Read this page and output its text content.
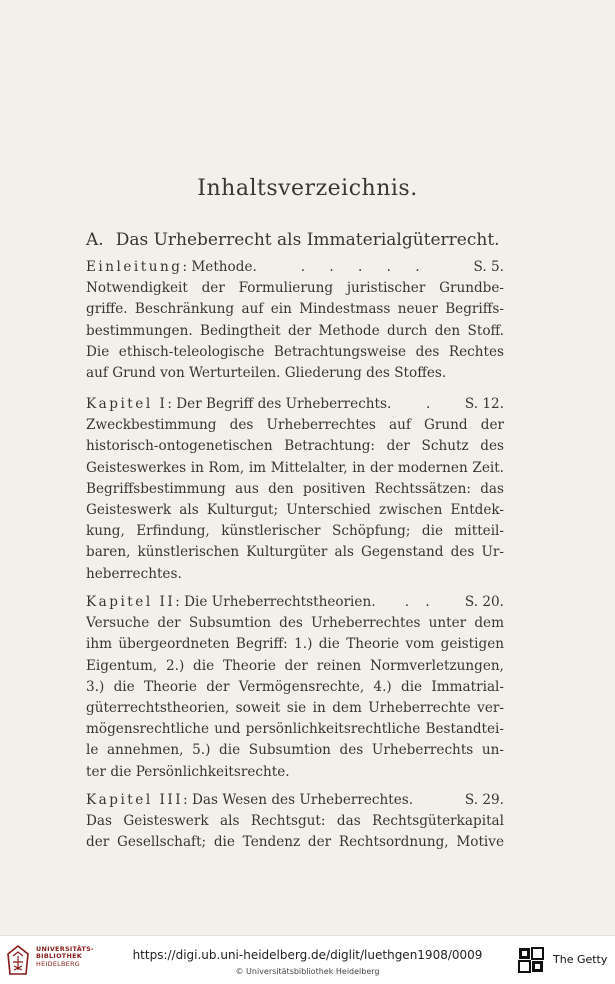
Inhaltsverzeichnis.
A. Das Urheberrecht als Immaterialgüterrecht.
Einleitung: Methode.	. . . . .	S. 5.
Notwendigkeit der Formulierung juristischer Grundbe-
griffe. Beschränkung auf ein Mindestmass neuer Begriffs-
bestimmungen. Bedingtheit der Methode durch den Stoff.
Die ethisch-teleologische Betrachtungsweise des Rechtes
auf Grund von Werturteilen. Gliederung des Stoffes.
Kapitel I: Der Begriff des Urheberrechts.	.	S. 12.
Zweckbestimmung des Urheberrechtes auf Grund der
historisch-ontogenetischen Betrachtung: der Schutz des
Geisteswerkes in Rom, im Mittelalter, in der modernen Zeit.
Begriffsbestimmung aus den positiven Rechtssätzen: das
Geisteswerk als Kulturgut; Unterschied zwischen Entdek-
kung, Erfindung, künstlerischer Schöpfung; die mitteil-
baren, künstlerischen Kulturgüter als Gegenstand des Ur-
heberrechtes.
Kapitel II: Die Urheberrechtstheorien. . . S. 20.
Versuche der Subsumtion des Urheberrechtes unter dem
ihm übergeordneten Begriff: 1.) die Theorie vom geistigen
Eigentum, 2.) die Theorie der reinen Normverletzungen,
3.) die Theorie der Vermögensrechte, 4.) die Immatrial-
güterrechtstheorien, soweit sie in dem Urheberrechte ver-
mögensrechtliche und persönlichkeitsrechtliche Bestandtei-
le annehmen, 5.) die Subsumtion des Urheberrechts un-
ter die Persönlichkeitsrechte.
Kapitel III: Das Wesen des Urheberrechtes.	S. 29.
Das Geisteswerk als Rechtsgut: das Rechtsgüterkapital
der Gesellschaft; die Tendenz der Rechtsordnung, Motive
UNIVERSITÄTS-
BIBLIOTHEK
HEIDELBERG
https://digi.ub.uni-heidelberg.de/diglit/luethgen1908/0009
© Universitätsbibliothek Heidelberg
The Getty
